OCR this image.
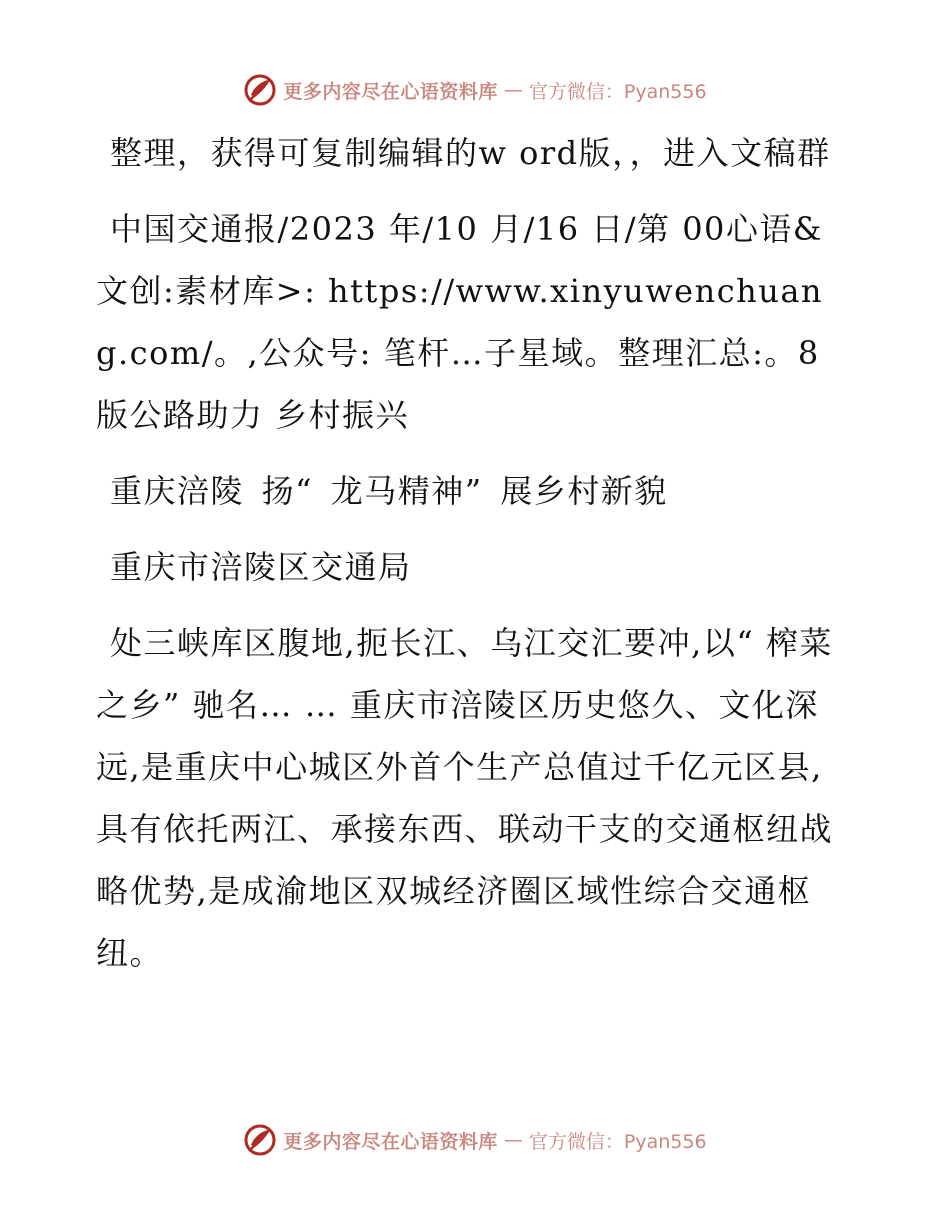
更多内容尽在心语资料库 — 官方微信：Pyan556

整理，获得可复制编辑的w ord版，，进入文稿群

中国交通报/2023 年/10 月/16 日/第 00心语&文创:素材库>: https://www.xinyuwenchuang.com/。,公众号: 笔杆…子星域。整理汇总:。8 版公路助力 乡村振兴

重庆涪陵 扬“ 龙马精神” 展乡村新貌

重庆市涪陵区交通局

处三峡库区腹地,扼长江、乌江交汇要冲,以“ 榨菜之乡” 驰名… … 重庆市涪陵区历史悠久、文化深远,是重庆中心城区外首个生产总值过千亿元区县,具有依托两江、承接东西、联动干支的交通枢纽战略优势,是成渝地区双城经济圈区域性综合交通枢纽。

更多内容尽在心语资料库 — 官方微信：Pyan556
